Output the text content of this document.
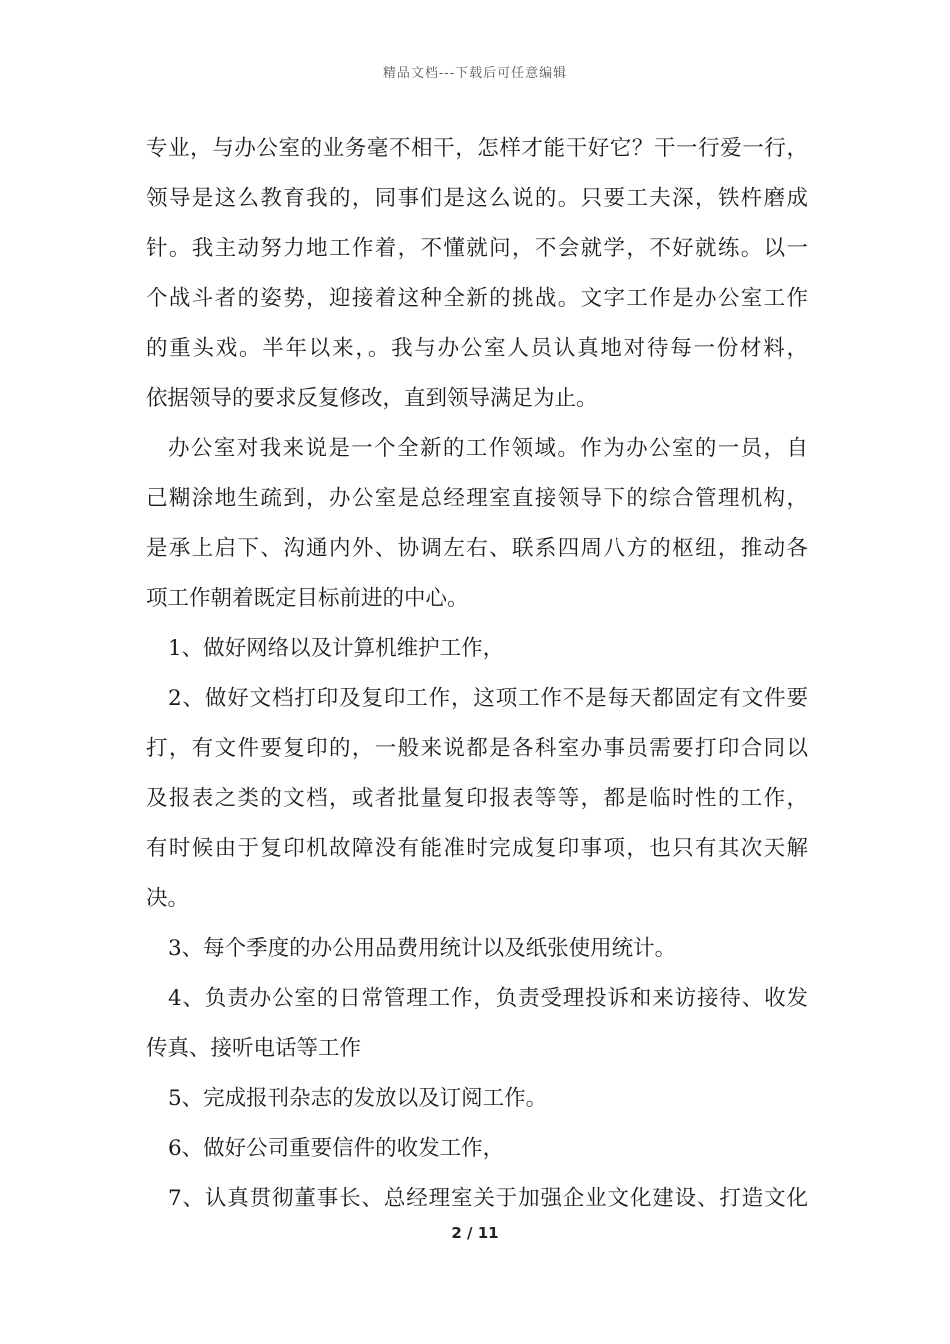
精品文档---下载后可任意编辑
专业，与办公室的业务毫不相干，怎样才能干好它？干一行爱一行，
领导是这么教育我的，同事们是这么说的。只要工夫深，铁杵磨成
针。我主动努力地工作着，不懂就问，不会就学，不好就练。以一
个战斗者的姿势，迎接着这种全新的挑战。文字工作是办公室工作
的重头戏。半年以来，。我与办公室人员认真地对待每一份材料，
依据领导的要求反复修改，直到领导满足为止。
办公室对我来说是一个全新的工作领域。作为办公室的一员，自
己糊涂地生疏到，办公室是总经理室直接领导下的综合管理机构，
是承上启下、沟通内外、协调左右、联系四周八方的枢纽，推动各
项工作朝着既定目标前进的中心。
1、做好网络以及计算机维护工作，
2、做好文档打印及复印工作，这项工作不是每天都固定有文件要
打，有文件要复印的，一般来说都是各科室办事员需要打印合同以
及报表之类的文档，或者批量复印报表等等，都是临时性的工作，
有时候由于复印机故障没有能准时完成复印事项，也只有其次天解
决。
3、每个季度的办公用品费用统计以及纸张使用统计。
4、负责办公室的日常管理工作，负责受理投诉和来访接待、收发
传真、接听电话等工作
5、完成报刊杂志的发放以及订阅工作。
6、做好公司重要信件的收发工作，
7、认真贯彻董事长、总经理室关于加强企业文化建设、打造文化
2 / 11
